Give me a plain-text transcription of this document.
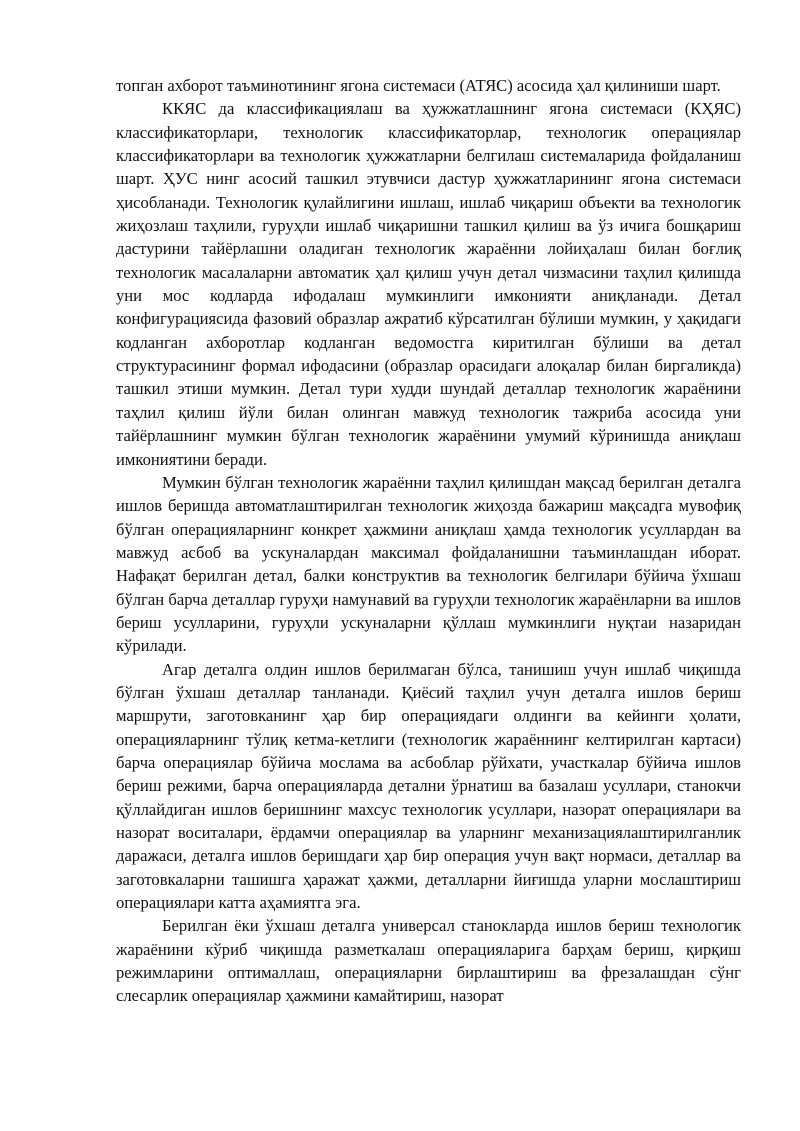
топган ахборот таъминотининг ягона системаси (АТЯС) асосида ҳал қилиниши шарт.

ККЯС да классификациялаш ва ҳужжатлашнинг ягона системаси (КҲЯС) классификаторлари, технологик классификаторлар, технологик операциялар классификаторлари ва технологик ҳужжатларни белгилаш системаларида фойдаланиш шарт. ҲУС нинг асосий ташкил этувчиси дастур ҳужжатларининг ягона системаси ҳисобланади. Технологик қулайлигини ишлаш, ишлаб чиқариш объекти ва технологик жиҳозлаш таҳлили, гуруҳли ишлаб чиқаришни ташкил қилиш ва ўз ичига бошқариш дастурини тайёрлашни оладиган технологик жараённи лойиҳалаш билан боғлиқ технологик масалаларни автоматик ҳал қилиш учун детал чизмасини таҳлил қилишда уни мос кодларда ифодалаш мумкинлиги имконияти аниқланади. Детал конфигурациясида фазовий образлар ажратиб кўрсатилган бўлиши мумкин, у ҳақидаги кодланган ахборотлар кодланган ведомостга киритилган бўлиши ва детал структурасининг формал ифодасини (образлар орасидаги алоқалар билан биргаликда) ташкил этиши мумкин. Детал тури худди шундай деталлар технологик жараёнини таҳлил қилиш йўли билан олинган мавжуд технологик тажриба асосида уни тайёрлашнинг мумкин бўлган технологик жараёнини умумий кўринишда аниқлаш имкониятини беради.

Мумкин бўлган технологик жараённи таҳлил қилишдан мақсад берилган деталга ишлов беришда автоматлаштирилган технологик жиҳозда бажариш мақсадга мувофиқ бўлган операцияларнинг конкрет ҳажмини аниқлаш ҳамда технологик усуллардан ва мавжуд асбоб ва ускуналардан максимал фойдаланишни таъминлашдан иборат. Нафақат берилган детал, балки конструктив ва технологик белгилари бўйича ўхшаш бўлган барча деталлар гуруҳи намунавий ва гуруҳли технологик жараёнларни ва ишлов бериш усулларини, гуруҳли ускуналарни қўллаш мумкинлиги нуқтаи назаридан кўрилади.

Агар деталга олдин ишлов берилмаган бўлса, танишиш учун ишлаб чиқишда бўлган ўхшаш деталлар танланади. Қиёсий таҳлил учун деталга ишлов бериш маршрути, заготовканинг ҳар бир операциядаги олдинги ва кейинги ҳолати, операцияларнинг тўлиқ кетма-кетлиги (технологик жараённинг келтирилган картаси) барча операциялар бўйича мослама ва асбоблар рўйхати, участкалар бўйича ишлов бериш режими, барча операцияларда детални ўрнатиш ва базалаш усуллари, станокчи қўллайдиган ишлов беришнинг махсус технологик усуллари, назорат операциялари ва назорат воситалари, ёрдамчи операциялар ва уларнинг механизациялаштирилганлик даражаси, деталга ишлов беришдаги ҳар бир операция учун вақт нормаси, деталлар ва заготовкаларни ташишга ҳаражат ҳажми, деталларни йиғишда уларни мослаштириш операциялари катта аҳамиятга эга.

Берилган ёки ўхшаш деталга универсал станокларда ишлов бериш технологик жараёнини кўриб чиқишда разметкалаш операцияларига барҳам бериш, қирқиш режимларини оптималлаш, операцияларни бирлаштириш ва фрезалашдан сўнг слесарлик операциялар ҳажмини камайтириш, назорат
